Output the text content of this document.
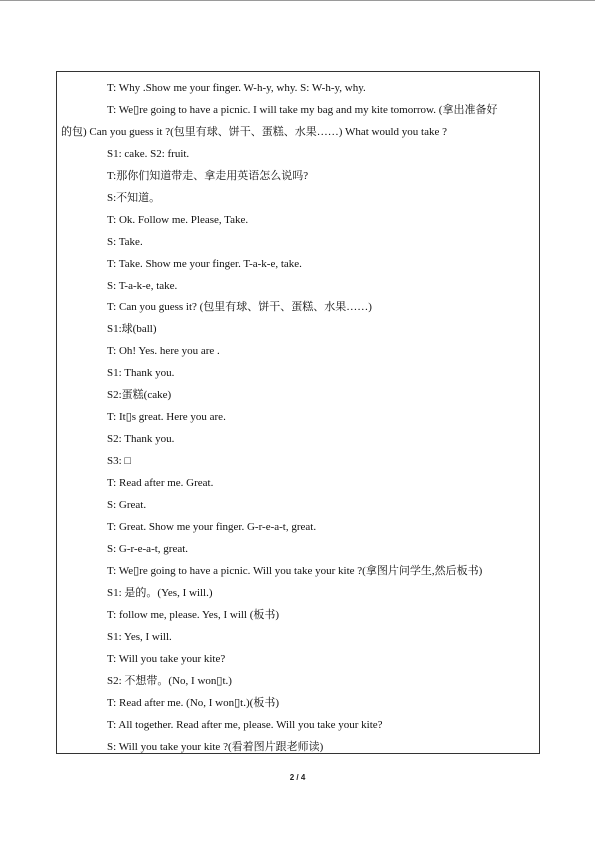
T: Why .Show me your finger. W-h-y, why. S: W-h-y, why.
T: We▯re going to have a picnic. I will take my bag and my kite tomorrow. (拿出准备好
的包) Can you guess it ?(包里有球、饼干、蛋糕、水果……) What would you take ?
S1: cake. S2: fruit.
T:那你们知道带走、拿走用英语怎么说吗?
S:不知道。
T: Ok. Follow me. Please, Take.
S: Take.
T: Take. Show me your finger. T-a-k-e, take.
S: T-a-k-e, take.
T: Can you guess it? (包里有球、饼干、蛋糕、水果……)
S1:球(ball)
T: Oh! Yes. here you are .
S1: Thank you.
S2:蛋糕(cake)
T: It▯s great. Here you are.
S2: Thank you.
S3: □
T: Read after me. Great.
S: Great.
T: Great. Show me your finger. G-r-e-a-t, great.
S: G-r-e-a-t, great.
T: We▯re going to have a picnic. Will you take your kite ?(拿图片问学生,然后板书)
S1: 是的。(Yes, I will.)
T: follow me, please. Yes, I will (板书)
S1: Yes, I will.
T: Will you take your kite?
S2: 不想带。(No, I won▯t.)
T: Read after me. (No, I won▯t.)(板书)
T: All together. Read after me, please. Will you take your kite?
S: Will you take your kite ?(看着图片跟老师读)
2 / 4
